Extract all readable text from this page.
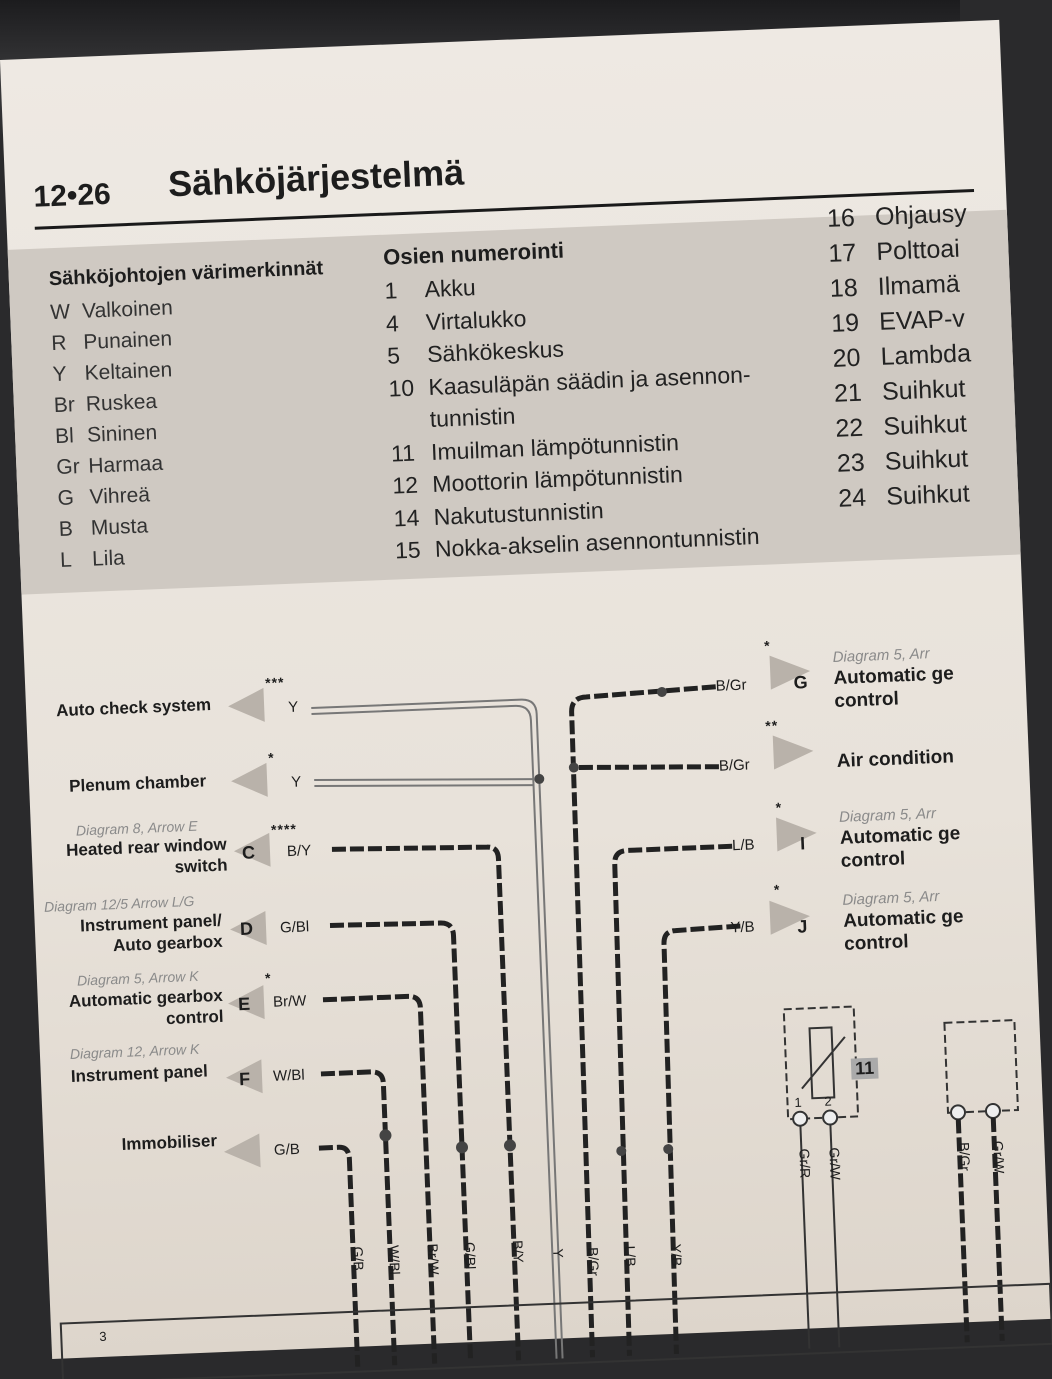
12•26 Sähköjärjestelmä
Sähköjohtojen värimerkinnät
W Valkoinen
R Punainen
Y Keltainen
Br Ruskea
Bl Sininen
Gr Harmaa
G Vihreä
B Musta
L Lila
Osien numerointi
1 Akku
4 Virtalukko
5 Sähkökeskus
10 Kaasuläpän säädin ja asennon-
tunnistin
11 Imuilman lämpötunnistin
12 Moottorin lämpötunnistin
14 Nakutustunnistin
15 Nokka-akselin asennontunnistin
16 Ohjausy
17 Polttoai
18 Ilmamä
19 EVAP-v
20 Lambda
21 Suihkut
22 Suihkut
23 Suihkut
24 Suihkut
Auto check system
***
Y
Plenum chamber
*
Y
Diagram 8, Arrow E
Heated rear window
switch
C
****
B/Y
Diagram 12/5 Arrow L/G
Instrument panel/
Auto gearbox
D G/Bl
Diagram 5, Arrow K
Automatic gearbox
control
E
*
Br/W
Diagram 12, Arrow K
Instrument panel F W/Bl
Immobiliser	G/B
*
B/Gr	G
Diagram 5, Arr
Automatic ge
control
**
B/Gr	Air condition
*
L/B I
Diagram 5, Arr
Automatic ge
control
*
Y/B J
Diagram 5, Arr
Automatic ge
control
11
1 2
G/B W/Bl Br/W G/Bl B/Y Y B/Gr L/B Y/B
Gr/R Gr/W	B/Gr Gr/W
3
